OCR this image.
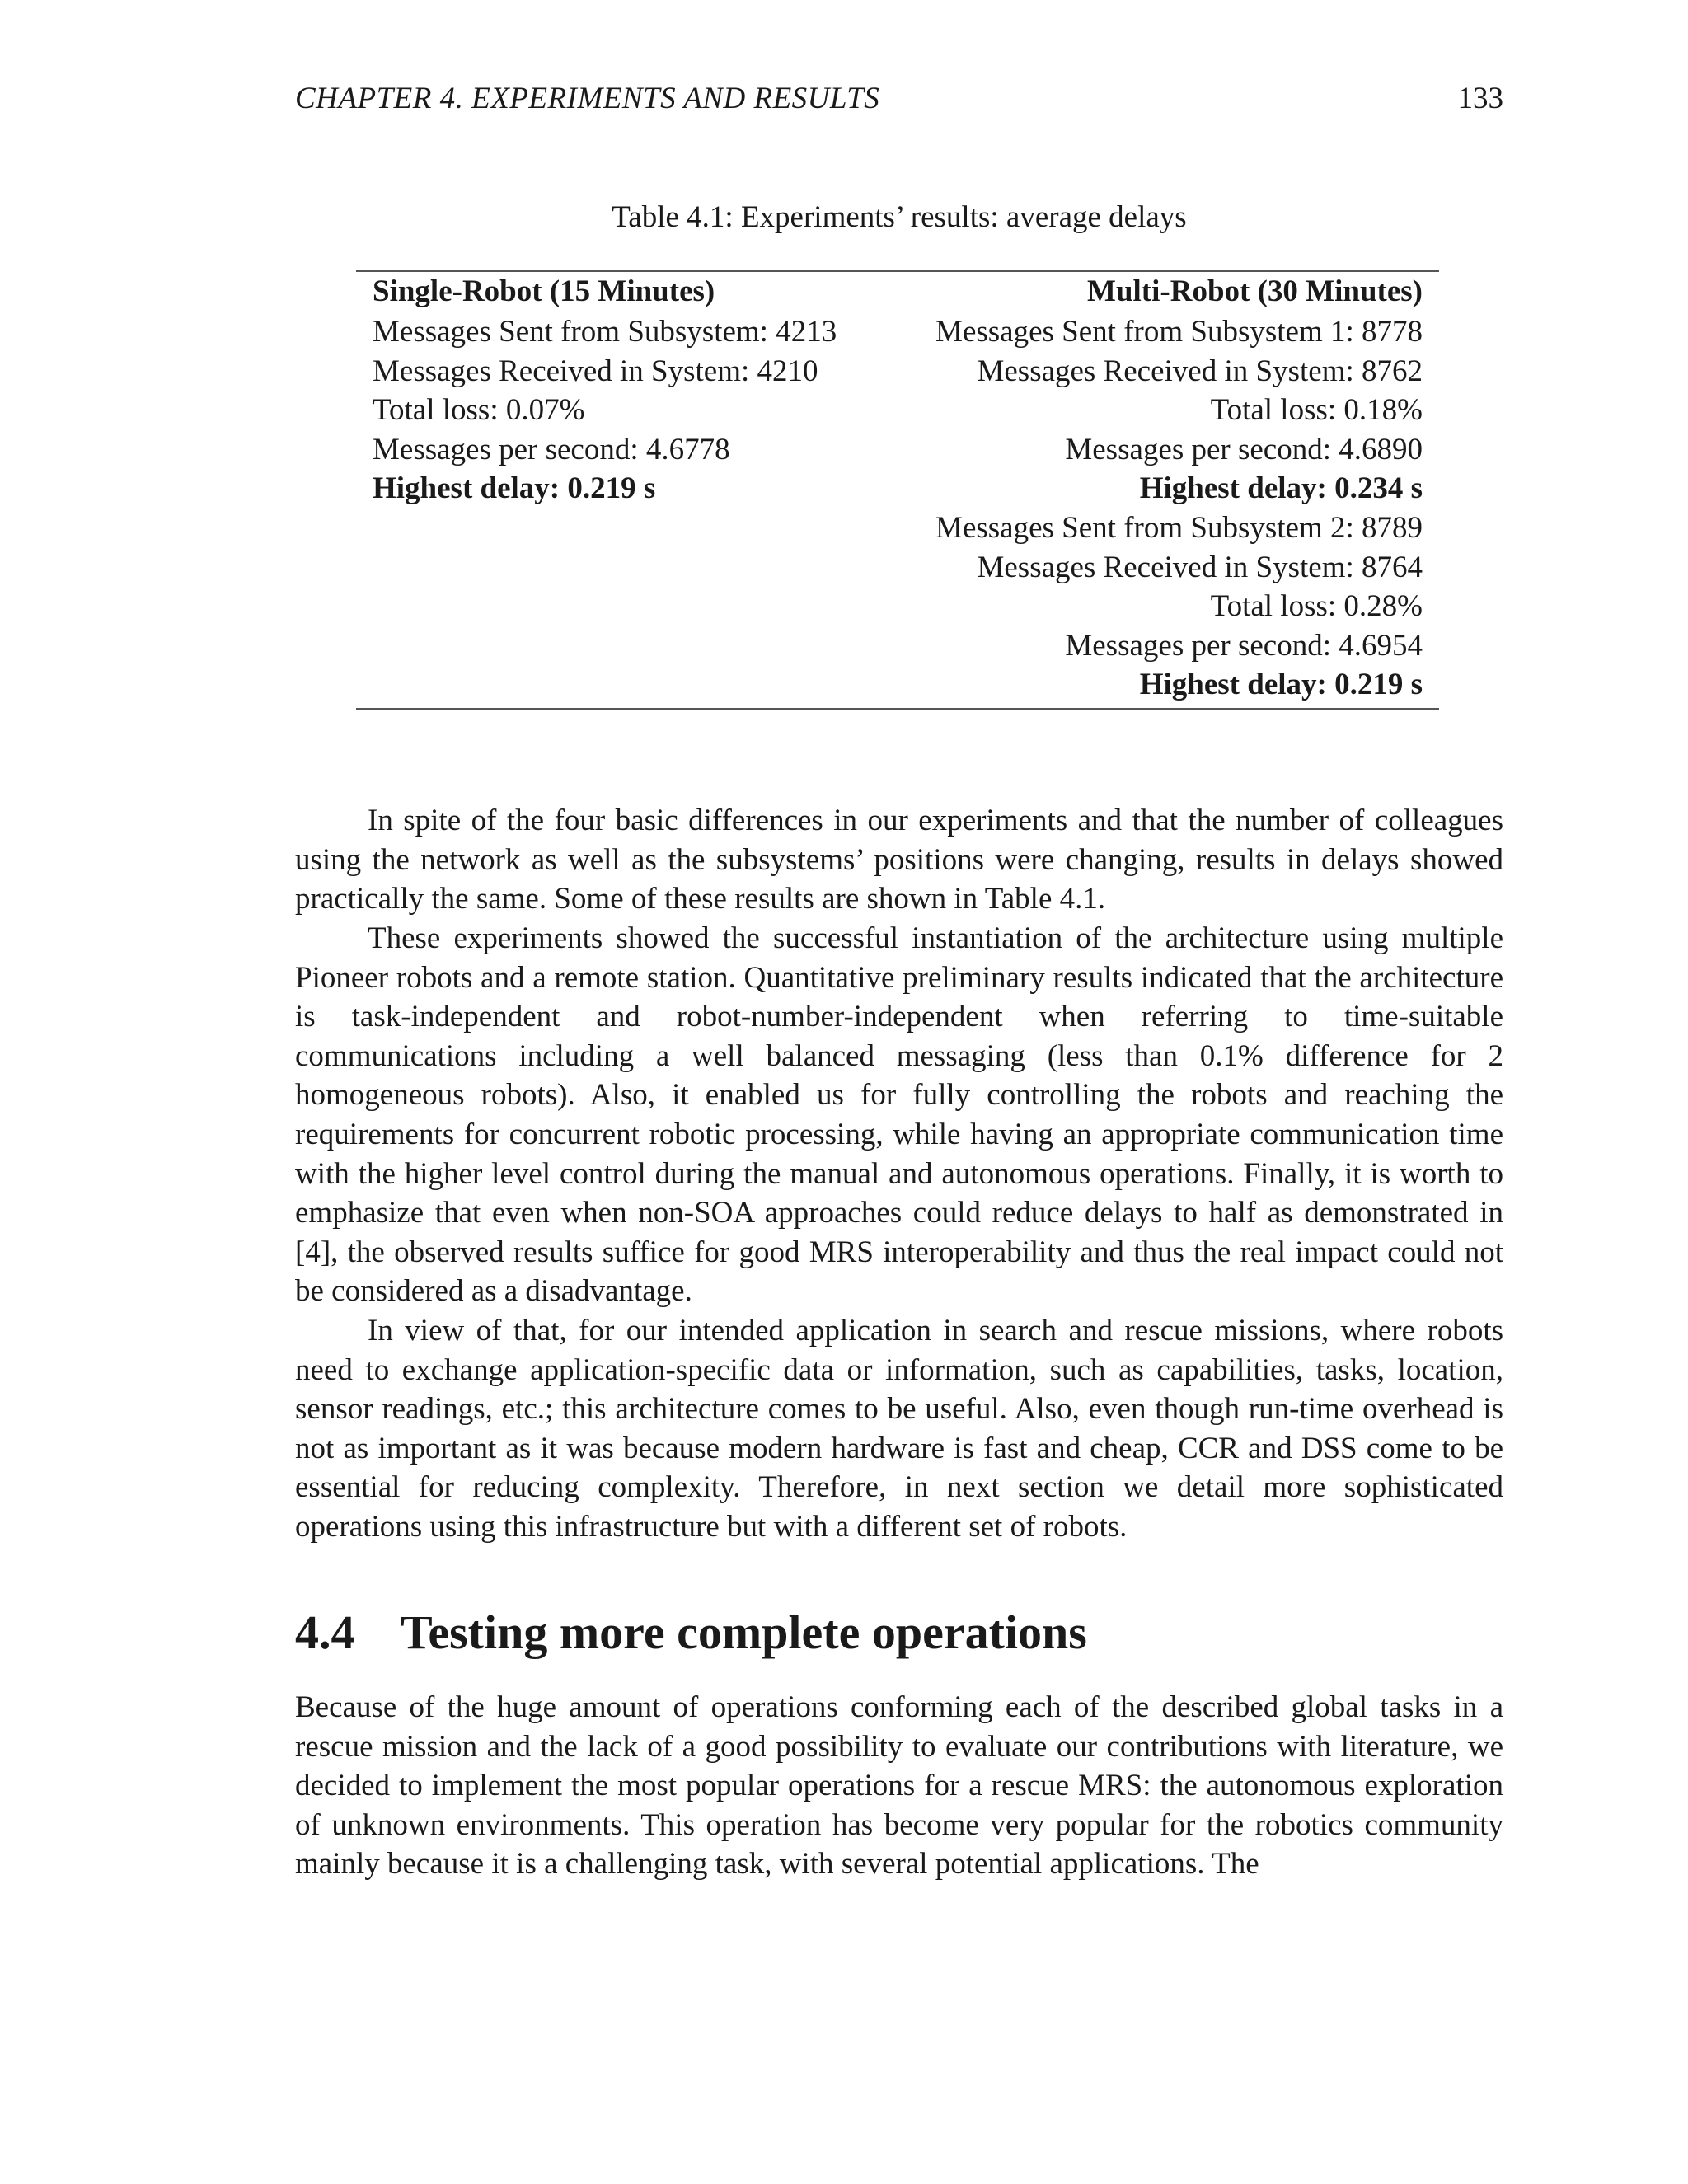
CHAPTER 4. EXPERIMENTS AND RESULTS	133
Table 4.1: Experiments’ results: average delays
Single-Robot (15 Minutes)	Multi-Robot (30 Minutes)
Messages Sent from Subsystem: 4213
Messages Received in System: 4210
Total loss: 0.07%
Messages per second: 4.6778
Highest delay: 0.219 s
Messages Sent from Subsystem 1: 8778
Messages Received in System: 8762
Total loss: 0.18%
Messages per second: 4.6890
Highest delay: 0.234 s
Messages Sent from Subsystem 2: 8789
Messages Received in System: 8764
Total loss: 0.28%
Messages per second: 4.6954
Highest delay: 0.219 s

In spite of the four basic differences in our experiments and that the number of colleagues using the network as well as the subsystems’ positions were changing, results in delays showed practically the same. Some of these results are shown in Table 4.1.

These experiments showed the successful instantiation of the architecture using multiple Pioneer robots and a remote station. Quantitative preliminary results indicated that the architecture is task-independent and robot-number-independent when referring to time-suitable communications including a well balanced messaging (less than 0.1% difference for 2 homogeneous robots). Also, it enabled us for fully controlling the robots and reaching the requirements for concurrent robotic processing, while having an appropriate communication time with the higher level control during the manual and autonomous operations. Finally, it is worth to emphasize that even when non-SOA approaches could reduce delays to half as demonstrated in [4], the observed results suffice for good MRS interoperability and thus the real impact could not be considered as a disadvantage.

In view of that, for our intended application in search and rescue missions, where robots need to exchange application-specific data or information, such as capabilities, tasks, location, sensor readings, etc.; this architecture comes to be useful. Also, even though run-time overhead is not as important as it was because modern hardware is fast and cheap, CCR and DSS come to be essential for reducing complexity. Therefore, in next section we detail more sophisticated operations using this infrastructure but with a different set of robots.

4.4 Testing more complete operations

Because of the huge amount of operations conforming each of the described global tasks in a rescue mission and the lack of a good possibility to evaluate our contributions with literature, we decided to implement the most popular operations for a rescue MRS: the autonomous exploration of unknown environments. This operation has become very popular for the robotics community mainly because it is a challenging task, with several potential applications. The
